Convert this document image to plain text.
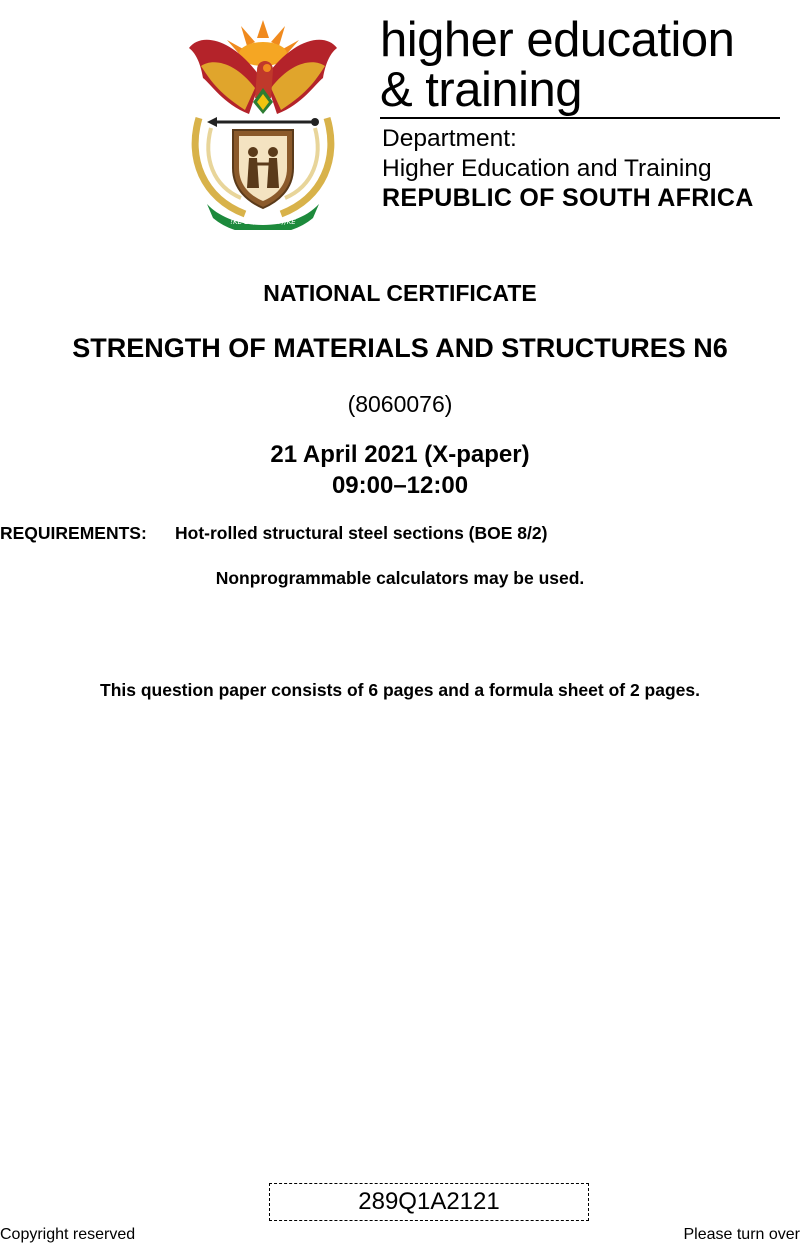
!KE E: /XARRA //KE
higher education
& training
Department:
Higher Education and Training
REPUBLIC OF SOUTH AFRICA
NATIONAL CERTIFICATE
STRENGTH OF MATERIALS AND STRUCTURES N6
(8060076)
21 April 2021 (X-paper)
09:00–12:00
REQUIREMENTS: Hot-rolled structural steel sections (BOE 8/2)
Nonprogrammable calculators may be used.
This question paper consists of 6 pages and a formula sheet of 2 pages.
289Q1A2121
Copyright reserved	Please turn over
